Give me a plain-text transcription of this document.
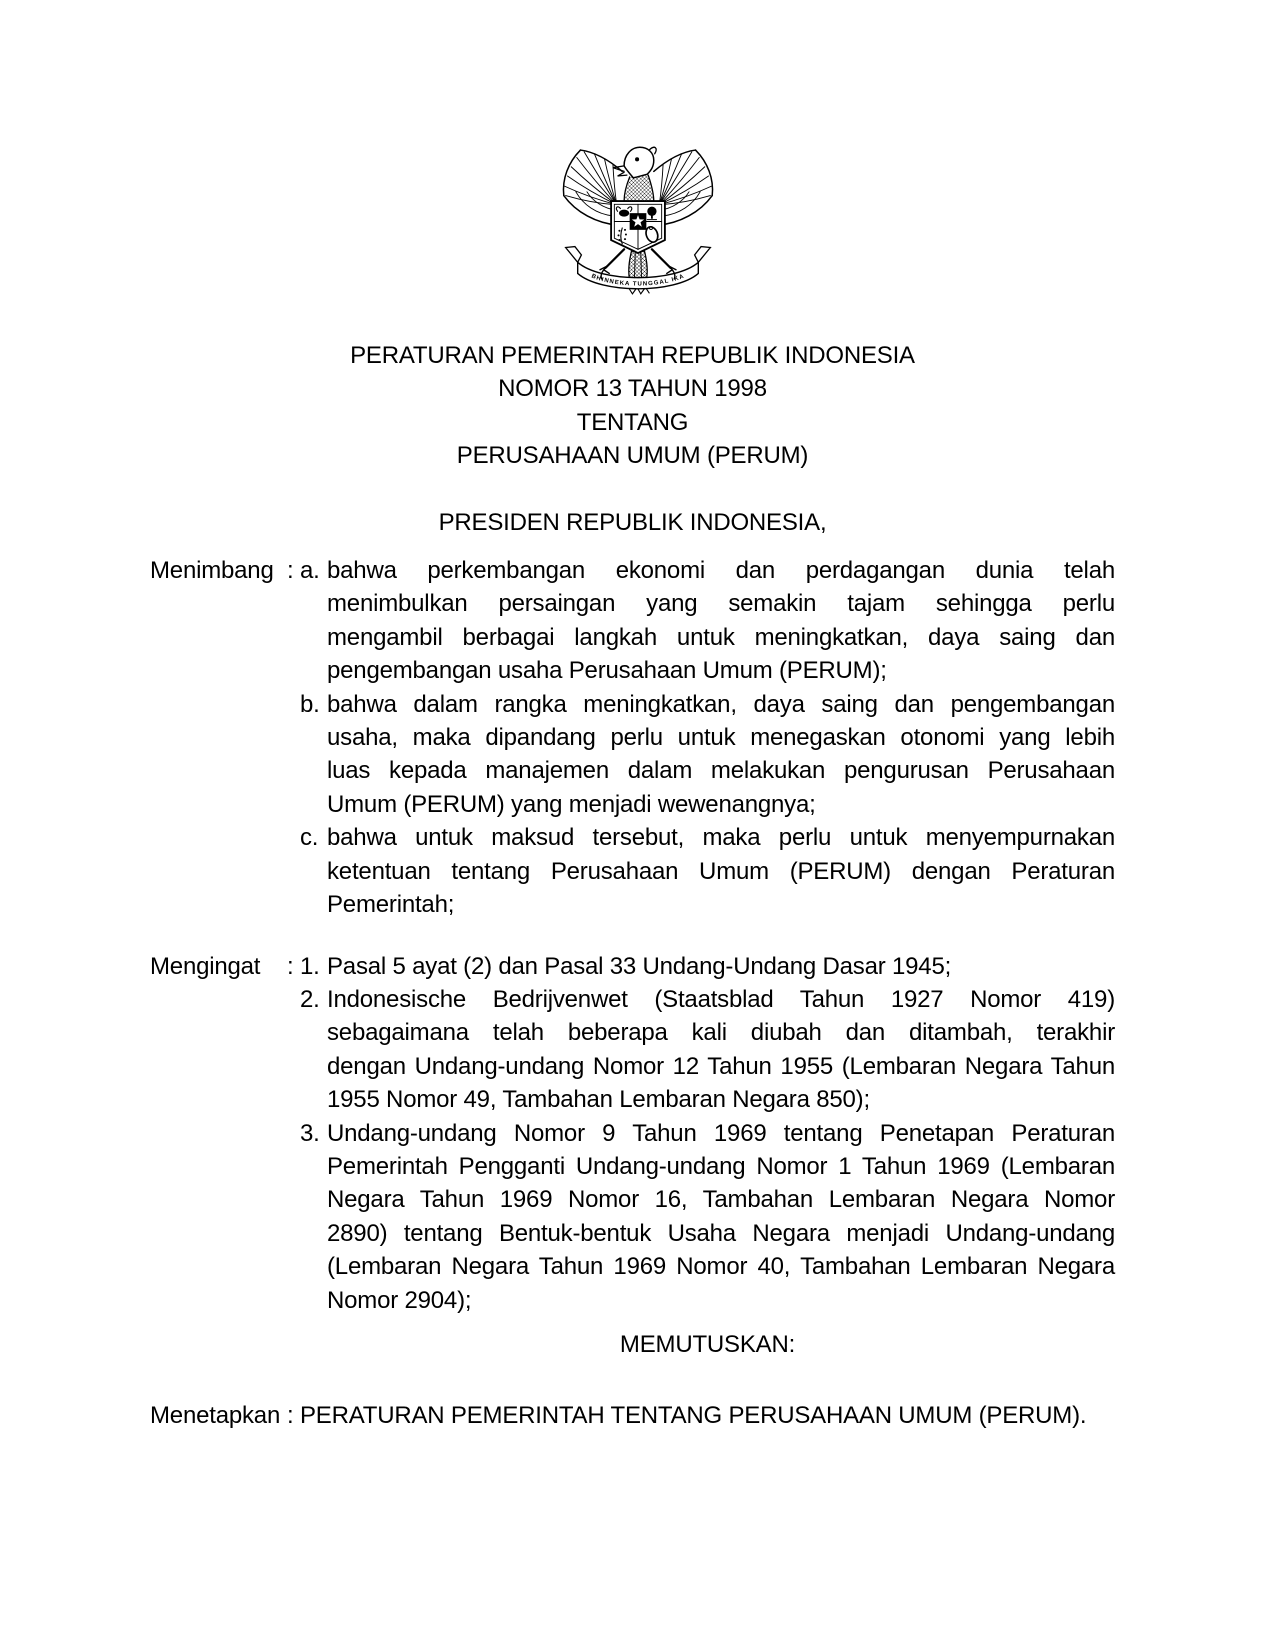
BHINNEKA TUNGGAL IKA
PERATURAN PEMERINTAH REPUBLIK INDONESIA
NOMOR 13 TAHUN 1998
TENTANG
PERUSAHAAN UMUM (PERUM)
PRESIDEN REPUBLIK INDONESIA,
Menimbang : a. bahwa perkembangan ekonomi dan perdagangan dunia telah
menimbulkan persaingan yang semakin tajam sehingga perlu
mengambil berbagai langkah untuk meningkatkan, daya saing dan
pengembangan usaha Perusahaan Umum (PERUM);
b. bahwa dalam rangka meningkatkan, daya saing dan pengembangan
usaha, maka dipandang perlu untuk menegaskan otonomi yang lebih
luas kepada manajemen dalam melakukan pengurusan Perusahaan
Umum (PERUM) yang menjadi wewenangnya;
c. bahwa untuk maksud tersebut, maka perlu untuk menyempurnakan
ketentuan tentang Perusahaan Umum (PERUM) dengan Peraturan
Pemerintah;
Mengingat	: 1. Pasal 5 ayat (2) dan Pasal 33 Undang-Undang Dasar 1945;
2. Indonesische Bedrijvenwet (Staatsblad Tahun 1927 Nomor 419)
sebagaimana telah beberapa kali diubah dan ditambah, terakhir
dengan Undang-undang Nomor 12 Tahun 1955 (Lembaran Negara Tahun
1955 Nomor 49, Tambahan Lembaran Negara 850);
3. Undang-undang Nomor 9 Tahun 1969 tentang Penetapan Peraturan
Pemerintah Pengganti Undang-undang Nomor 1 Tahun 1969 (Lembaran
Negara Tahun 1969 Nomor 16, Tambahan Lembaran Negara Nomor
2890) tentang Bentuk-bentuk Usaha Negara menjadi Undang-undang
(Lembaran Negara Tahun 1969 Nomor 40, Tambahan Lembaran Negara
Nomor 2904);
MEMUTUSKAN:
Menetapkan : PERATURAN PEMERINTAH TENTANG PERUSAHAAN UMUM (PERUM).
